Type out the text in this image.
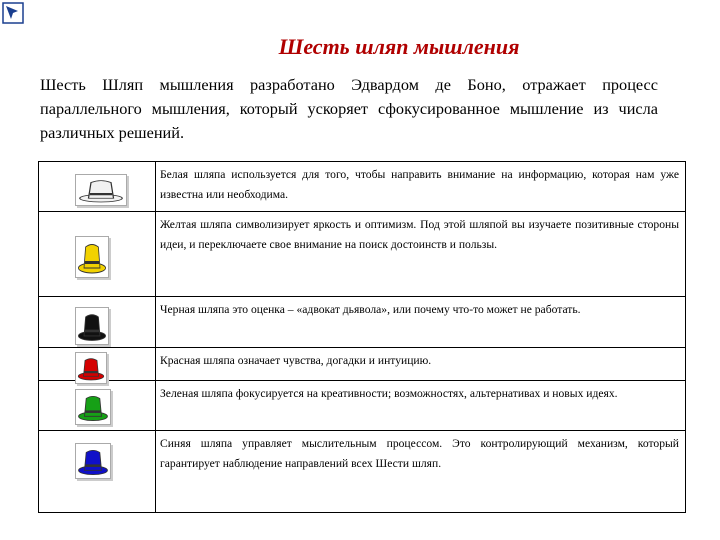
Шесть шляп мышления
Шесть Шляп мышления разработано Эдвардом де Боно, отражает процесс параллельного мышления, который ускоряет сфокусированное мышление из числа различных решений.
	Белая шляпа используется для того, чтобы направить внимание на информацию, которая нам уже известна или необходима.

	Желтая шляпа символизирует яркость и оптимизм. Под этой шляпой вы изучаете позитивные стороны идеи, и переключаете свое внимание на поиск достоинств и пользы.

	Черная шляпа это оценка – «адвокат дьявола», или почему что-то может не работать.

	Красная шляпа означает чувства, догадки и интуицию.

	Зеленая шляпа фокусируется на креативности; возможностях, альтернативах и новых идеях.

	Синяя шляпа управляет мыслительным процессом. Это контролирующий механизм, который гарантирует наблюдение направлений всех Шести шляп.
